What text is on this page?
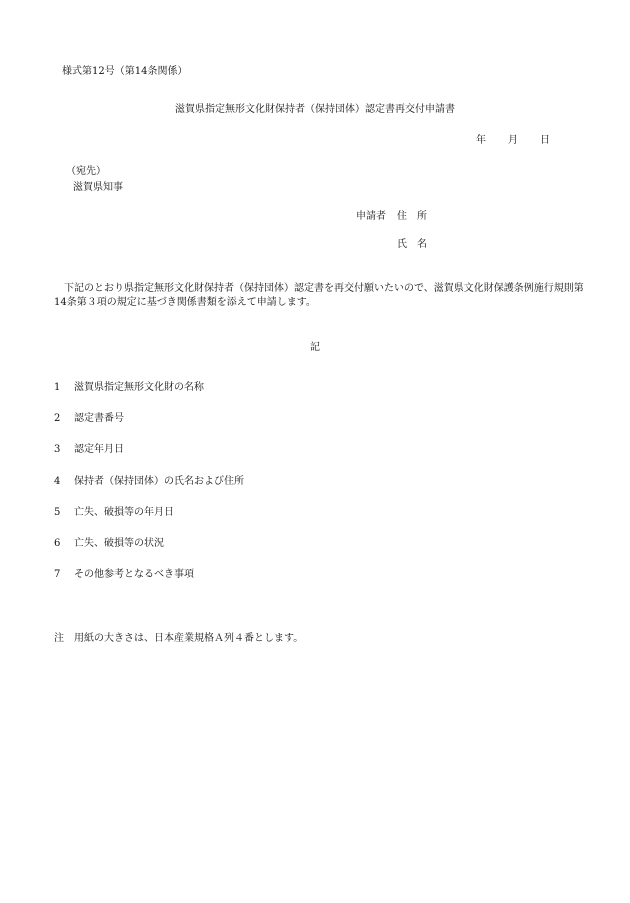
様式第12号（第14条関係）
滋賀県指定無形文化財保持者（保持団体）認定書再交付申請書
年 月 日
（宛先）
滋賀県知事
申請者 住　所
氏　名
下記のとおり県指定無形文化財保持者（保持団体）認定書を再交付願いたいので、滋賀県文化財保護条例施行規則第14条第３項の規定に基づき関係書類を添えて申請します。
記
1 滋賀県指定無形文化財の名称
2 認定書番号
3 認定年月日
4 保持者（保持団体）の氏名および住所
5 亡失、破損等の年月日
6 亡失、破損等の状況
7 その他参考となるべき事項
注　用紙の大きさは、日本産業規格Ａ列４番とします。
